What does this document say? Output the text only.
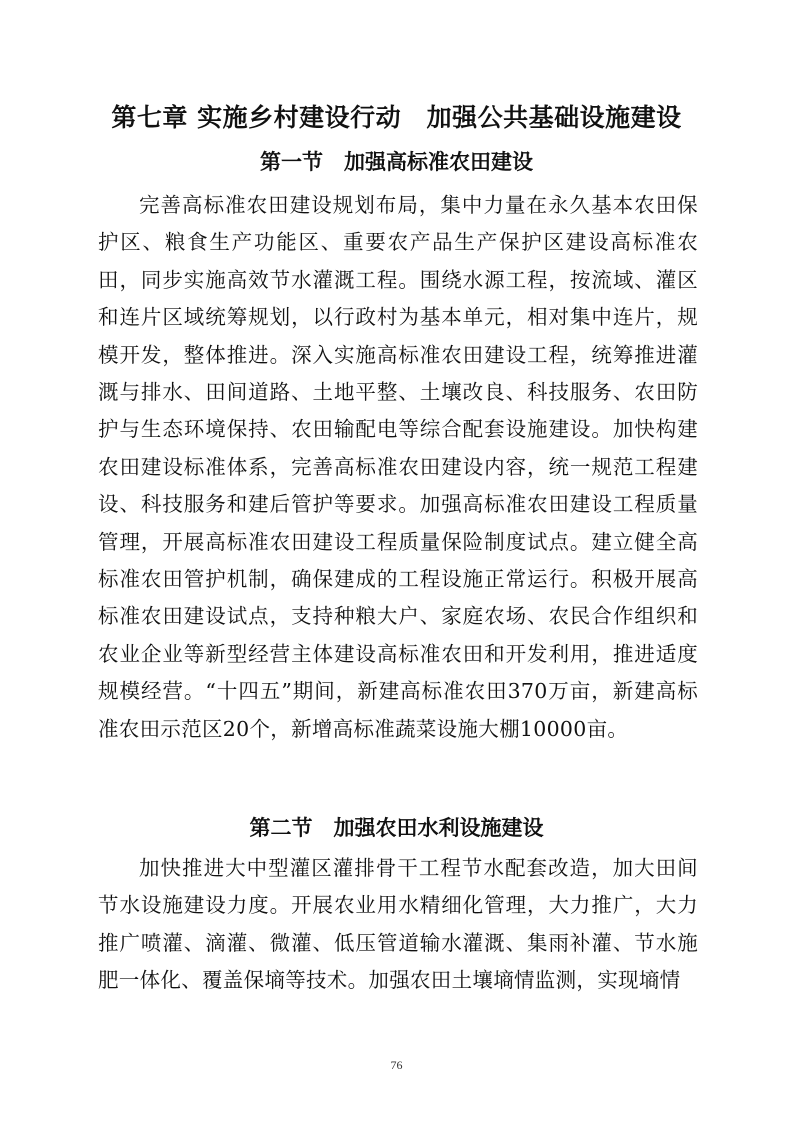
第七章 实施乡村建设行动　加强公共基础设施建设
第一节　加强高标准农田建设

完善高标准农田建设规划布局，集中力量在永久基本农田保护区、粮食生产功能区、重要农产品生产保护区建设高标准农田，同步实施高效节水灌溉工程。围绕水源工程，按流域、灌区和连片区域统筹规划，以行政村为基本单元，相对集中连片，规模开发，整体推进。深入实施高标准农田建设工程，统筹推进灌溉与排水、田间道路、土地平整、土壤改良、科技服务、农田防护与生态环境保持、农田输配电等综合配套设施建设。加快构建农田建设标准体系，完善高标准农田建设内容，统一规范工程建设、科技服务和建后管护等要求。加强高标准农田建设工程质量管理，开展高标准农田建设工程质量保险制度试点。建立健全高标准农田管护机制，确保建成的工程设施正常运行。积极开展高标准农田建设试点，支持种粮大户、家庭农场、农民合作组织和农业企业等新型经营主体建设高标准农田和开发利用，推进适度规模经营。“十四五”期间，新建高标准农田370万亩，新建高标准农田示范区20个，新增高标准蔬菜设施大棚10000亩。

第二节　加强农田水利设施建设

加快推进大中型灌区灌排骨干工程节水配套改造，加大田间节水设施建设力度。开展农业用水精细化管理，大力推广，大力推广喷灌、滴灌、微灌、低压管道输水灌溉、集雨补灌、节水施肥一体化、覆盖保墒等技术。加强农田土壤墒情监测，实现墒情

76
